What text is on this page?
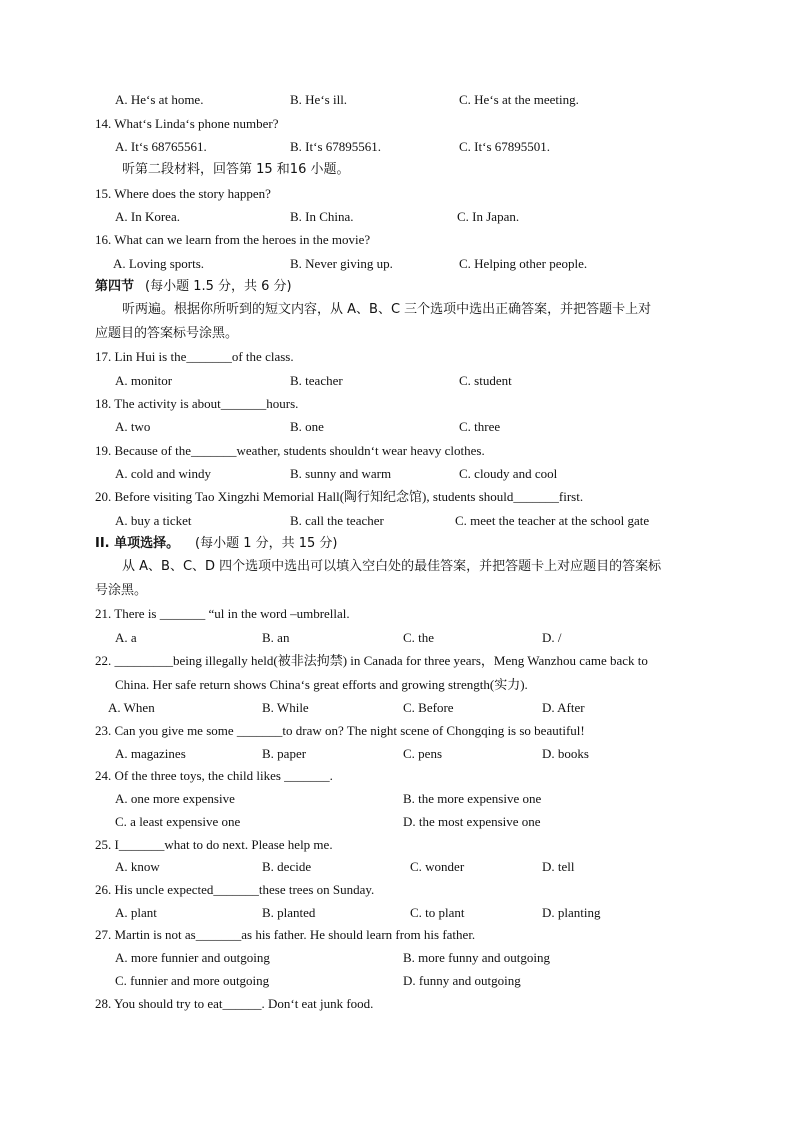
A. He‘s at home.	B. He‘s ill.	C. He‘s at the meeting.
14. What‘s Linda‘s phone number?
A. It‘s 68765561.	B. It‘s 67895561.	C. It‘s 67895501.
听第二段材料，回答第 15 和16 小题。
15. Where does the story happen?
A. In Korea.	B. In China.	C. In Japan.
16. What can we learn from the heroes in the movie?
A. Loving sports.	B. Never giving up.	C. Helping other people.
第四节 (每小题 1.5 分，共 6 分)
听两遍。根据你所听到的短文内容，从 A、B、C 三个选项中选出正确答案，并把答题卡上对
应题目的答案标号涂黑。
17. Lin Hui is the_______of the class.
A. monitor	B. teacher	C. student
18. The activity is about_______hours.
A. two	B. one	C. three
19. Because of the_______weather, students shouldn‘t wear heavy clothes.
A. cold and windy	B. sunny and warm	C. cloudy and cool
20. Before visiting Tao Xingzhi Memorial Hall(陶行知纪念馆), students should_______first.
A. buy a ticket	B. call the teacher	C. meet the teacher at the school gate
II. 单项选择。 (每小题 1 分，共 15 分)
从 A、B、C、D 四个选项中选出可以填入空白处的最佳答案，并把答题卡上对应题目的答案标
号涂黑。
21. There is _______ “ul in the word –umbrellal.
A. a	B. an	C. the	D. /
22. _________being illegally held(被非法拘禁) in Canada for three years，Meng Wanzhou came back to
China. Her safe return shows China‘s great efforts and growing strength(实力).
A. When	B. While	C. Before	D. After
23. Can you give me some _______to draw on? The night scene of Chongqing is so beautiful!
A. magazines	B. paper	C. pens	D. books
24. Of the three toys, the child likes _______.
A. one more expensive	B. the more expensive one
C. a least expensive one	D. the most expensive one
25. I_______what to do next. Please help me.
A. know	B. decide	C. wonder	D. tell
26. His uncle expected_______these trees on Sunday.
A. plant	B. planted	C. to plant	D. planting
27. Martin is not as_______as his father. He should learn from his father.
A. more funnier and outgoing	B. more funny and outgoing
C. funnier and more outgoing	D. funny and outgoing
28. You should try to eat______. Don‘t eat junk food.
